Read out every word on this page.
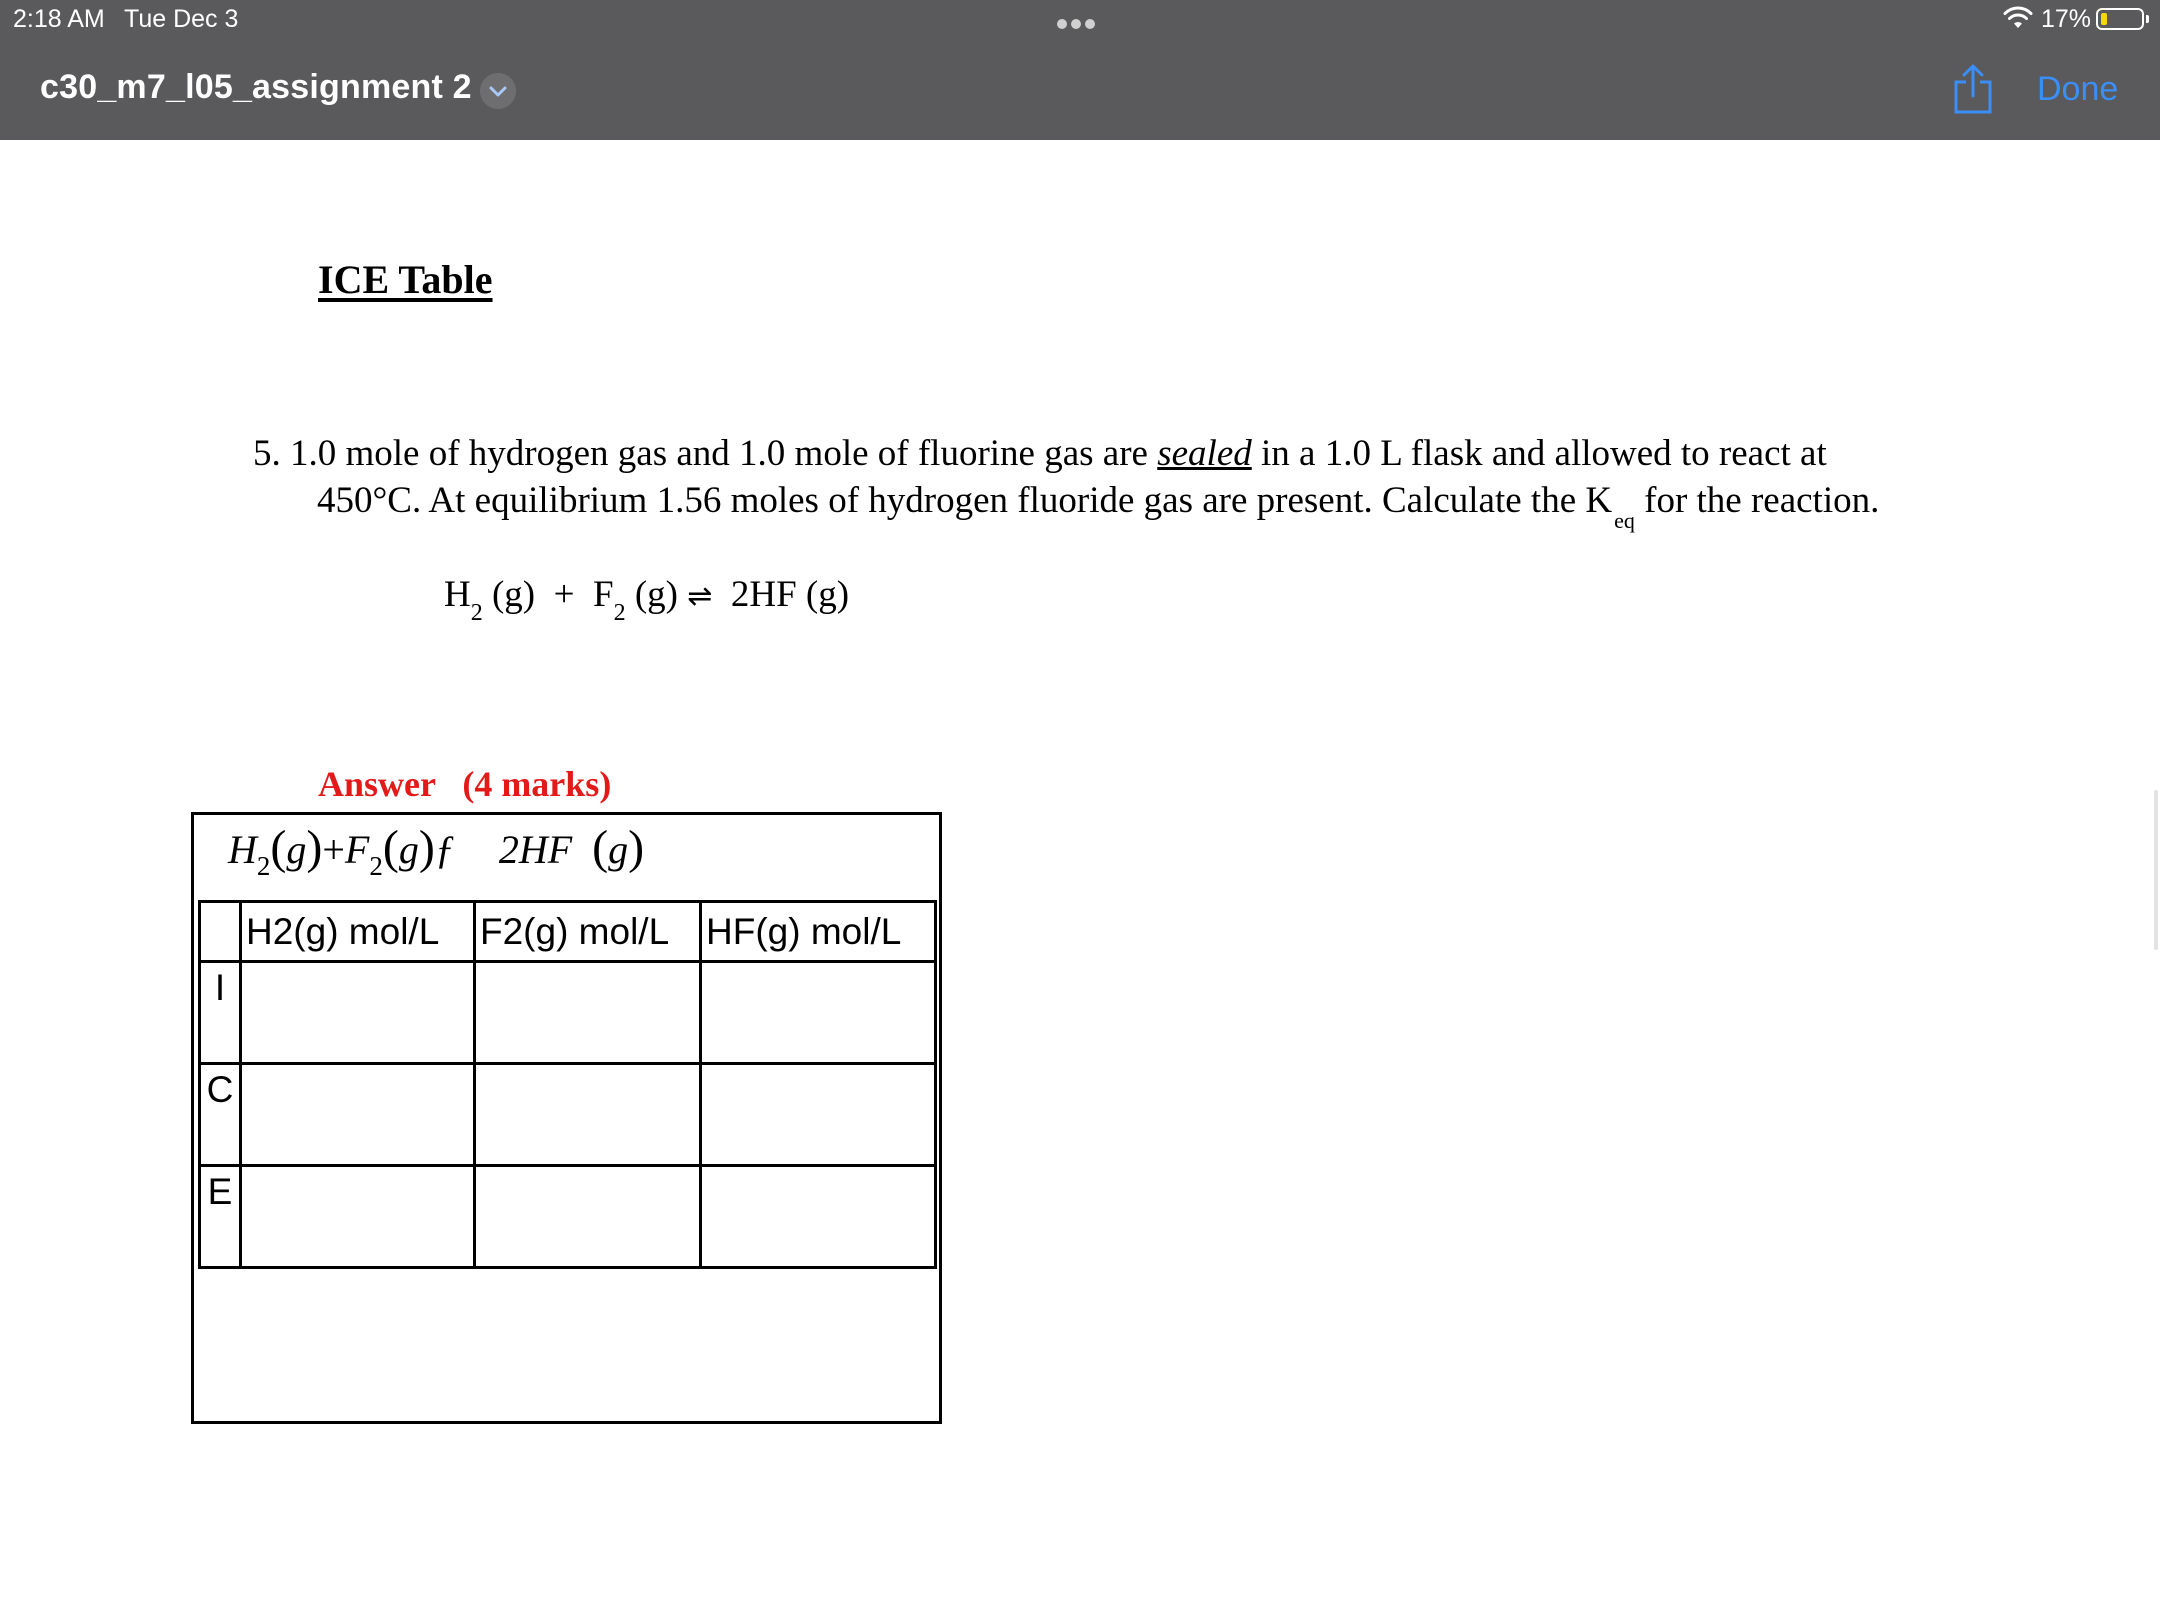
2:18 AM Tue Dec 3	17%
c30_m7_l05_assignment 2	Done
ICE Table
5. 1.0 mole of hydrogen gas and 1.0 mole of fluorine gas are sealed in a 1.0 L flask and allowed to react at
450°C. At equilibrium 1.56 moles of hydrogen fluoride gas are present. Calculate the $K_{eq}$ for the reaction.
$H_2$ $(g) + F_2$ (g) ⇌  2HF (g)
Answer   (4 marks)
$H_2(g)+F_2(g)ƒ$ 2HF (g)
	H2(g) mol/L	F2(g) mol/L	HF(g) mol/L
I			
C			
E			
